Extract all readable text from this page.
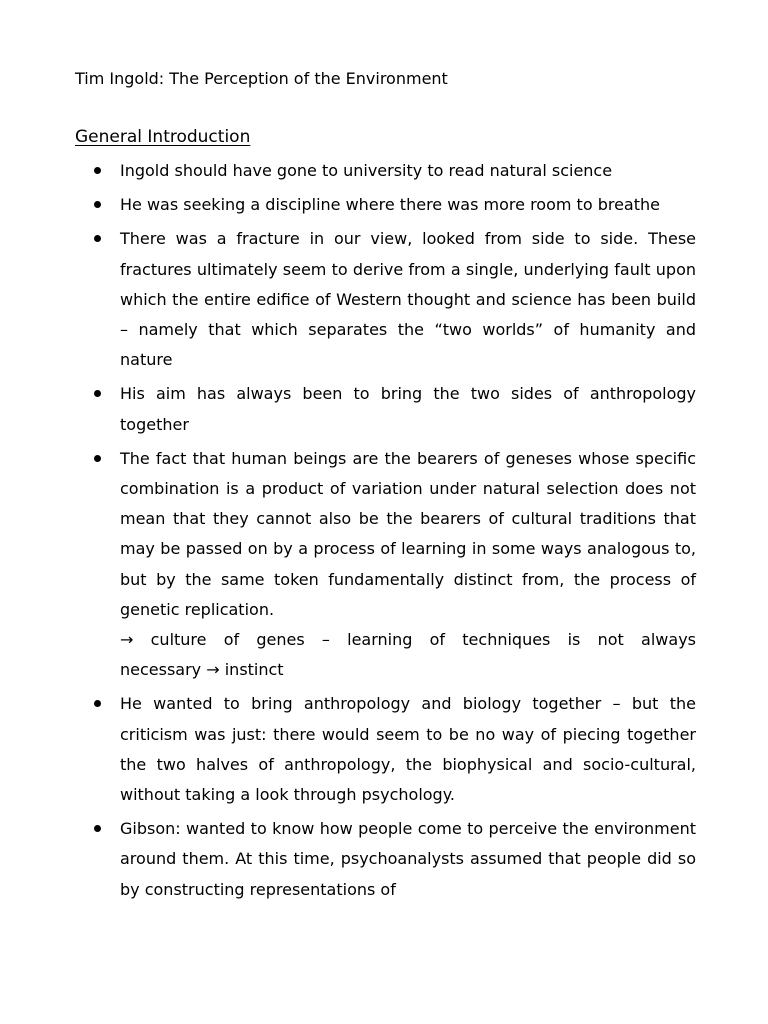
Tim Ingold: The Perception of the Environment
General Introduction
Ingold should have gone to university to read natural science
He was seeking a discipline where there was more room to breathe
There was a fracture in our view, looked from side to side. These fractures ultimately seem to derive from a single, underlying fault upon which the entire edifice of Western thought and science has been build – namely that which separates the “two worlds” of humanity and nature
His aim has always been to bring the two sides of anthropology together
The fact that human beings are the bearers of geneses whose specific combination is a product of variation under natural selection does not mean that they cannot also be the bearers of cultural traditions that may be passed on by a process of learning in some ways analogous to, but by the same token fundamentally distinct from, the process of genetic replication.
→ culture of genes – learning of techniques is not always
necessary → instinct
He wanted to bring anthropology and biology together – but the criticism was just: there would seem to be no way of piecing together the two halves of anthropology, the biophysical and socio-cultural, without taking a look through psychology.
Gibson: wanted to know how people come to perceive the environment around them. At this time, psychoanalysts assumed that people did so by constructing representations of
